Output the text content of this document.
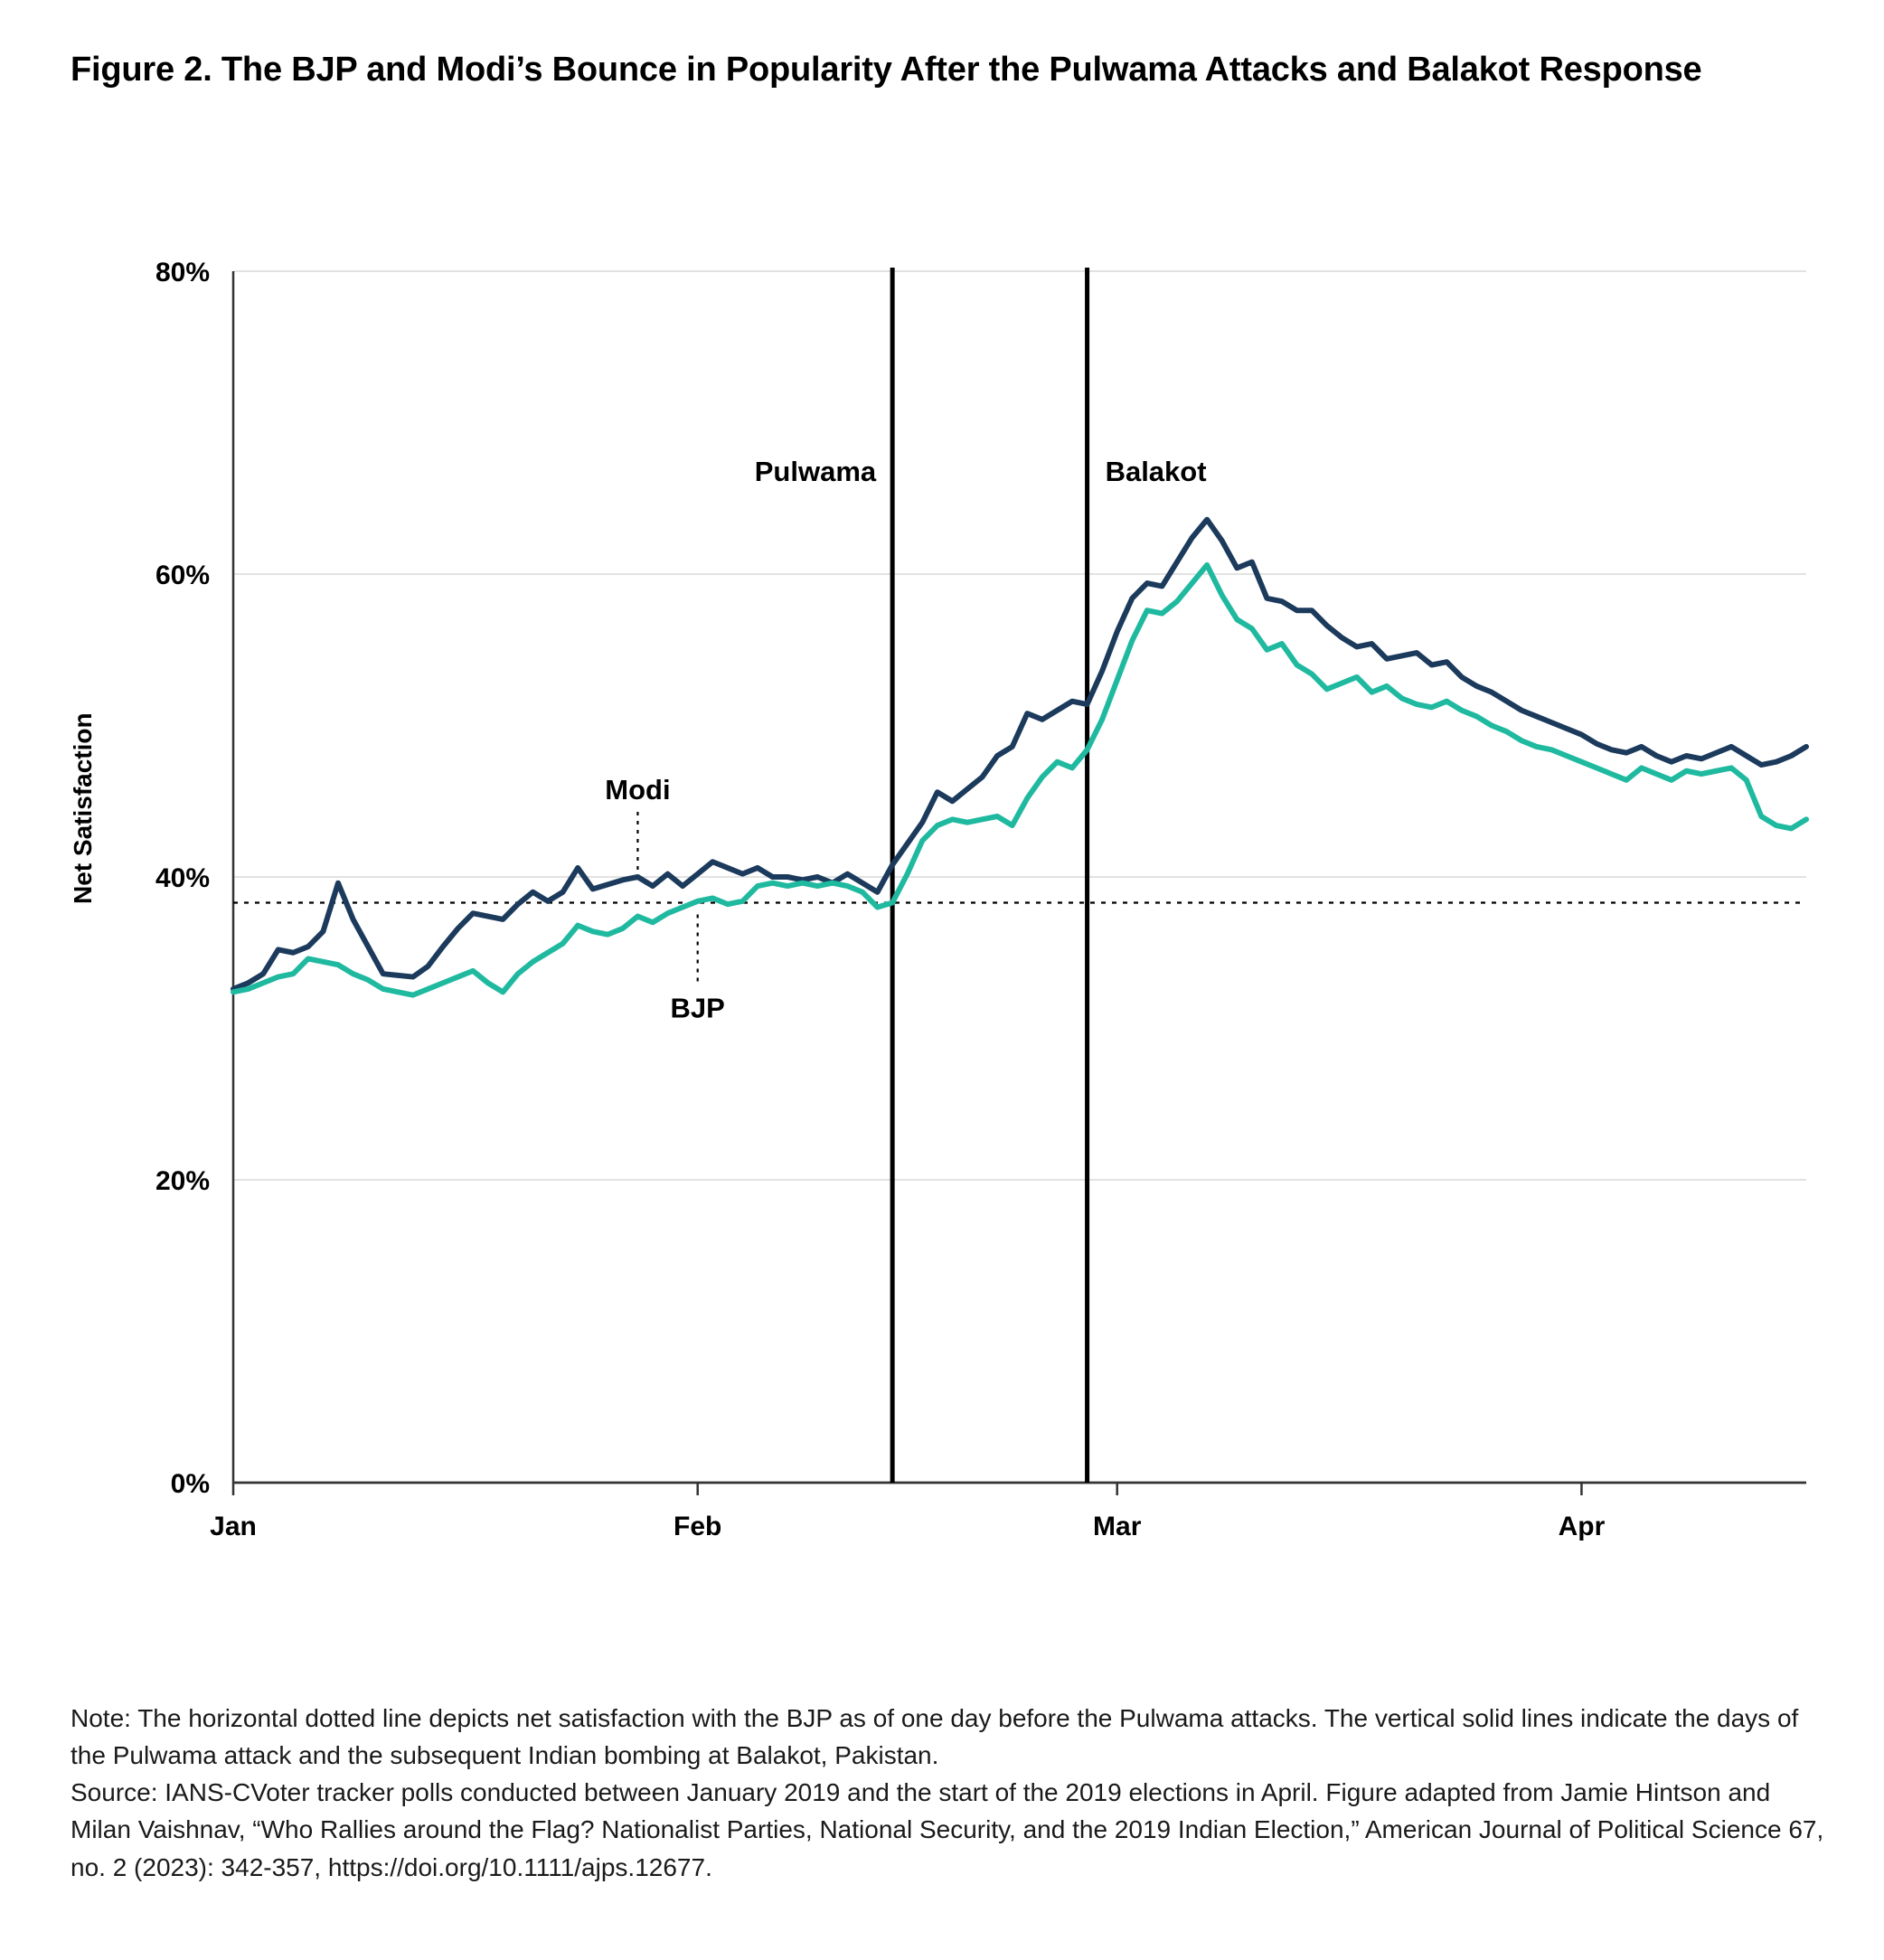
Figure 2. The BJP and Modi’s Bounce in Popularity After the Pulwama Attacks and Balakot Response
Net Satisfaction
0%
20%
40%
60%
80%
Jan	Feb	Mar	Apr
Pulwama	Balakot
Modi
BJP

Note: The horizontal dotted line depicts net satisfaction with the BJP as of one day before the Pulwama attacks. The vertical solid lines indicate the days of the Pulwama attack and the subsequent Indian bombing at Balakot, Pakistan.

Source: IANS-CVoter tracker polls conducted between January 2019 and the start of the 2019 elections in April. Figure adapted from Jamie Hintson and Milan Vaishnav, “Who Rallies around the Flag? Nationalist Parties, National Security, and the 2019 Indian Election,” American Journal of Political Science 67, no. 2 (2023): 342-357, https://doi.org/10.1111/ajps.12677.
